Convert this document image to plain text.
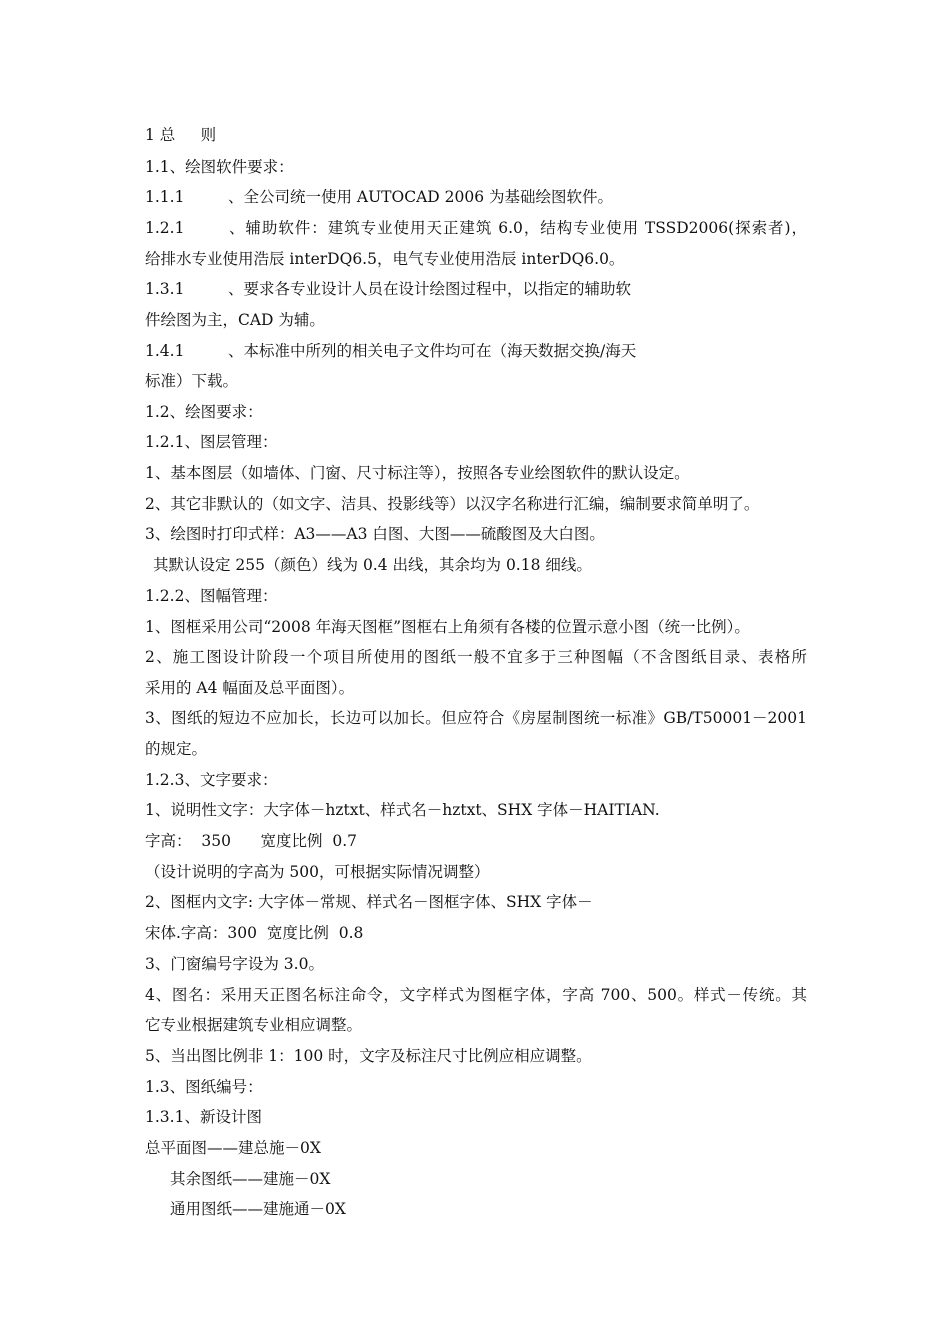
1 总 　 则
1.1、绘图软件要求：
1.1.1	、全公司统一使用 AUTOCAD 2006 为基础绘图软件。
1.2.1	、辅助软件：建筑专业使用天正建筑 6.0，结构专业使用 TSSD2006(探索者)，
给排水专业使用浩辰 interDQ6.5，电气专业使用浩辰 interDQ6.0。
1.3.1	、要求各专业设计人员在设计绘图过程中，以指定的辅助软
件绘图为主，CAD 为辅。
1.4.1	、本标准中所列的相关电子文件均可在（海天数据交换/海天
标准）下载。
1.2、绘图要求：
1.2.1、图层管理：
1、基本图层（如墙体、门窗、尺寸标注等），按照各专业绘图软件的默认设定。
2、其它非默认的（如文字、洁具、投影线等）以汉字名称进行汇编，编制要求简单明了。
3、绘图时打印式样：A3——A3 白图、大图——硫酸图及大白图。
其默认设定 255（颜色）线为 0.4 出线，其余均为 0.18 细线。
1.2.2、图幅管理：
1、图框采用公司“2008 年海天图框”图框右上角须有各楼的位置示意小图（统一比例）。
2、施工图设计阶段一个项目所使用的图纸一般不宜多于三种图幅（不含图纸目录、表格所
采用的 A4 幅面及总平面图）。
3、图纸的短边不应加长，长边可以加长。但应符合《房屋制图统一标准》GB/T50001－2001
的规定。
1.2.3、文字要求：
1、说明性文字：大字体－hztxt、样式名－hztxt、SHX 字体－HAITIAN.
字高：  350      宽度比例  0.7
（设计说明的字高为 500，可根据实际情况调整）
2、图框内文字: 大字体－常规、样式名－图框字体、SHX 字体－
宋体.字高：300  宽度比例  0.8
3、门窗编号字设为 3.0。
4、图名：采用天正图名标注命令，文字样式为图框字体，字高 700、500。样式－传统。其
它专业根据建筑专业相应调整。
5、当出图比例非 1：100 时，文字及标注尺寸比例应相应调整。
1.3、图纸编号：
1.3.1、新设计图
总平面图——建总施－0X
其余图纸——建施－0X
通用图纸——建施通－0X
